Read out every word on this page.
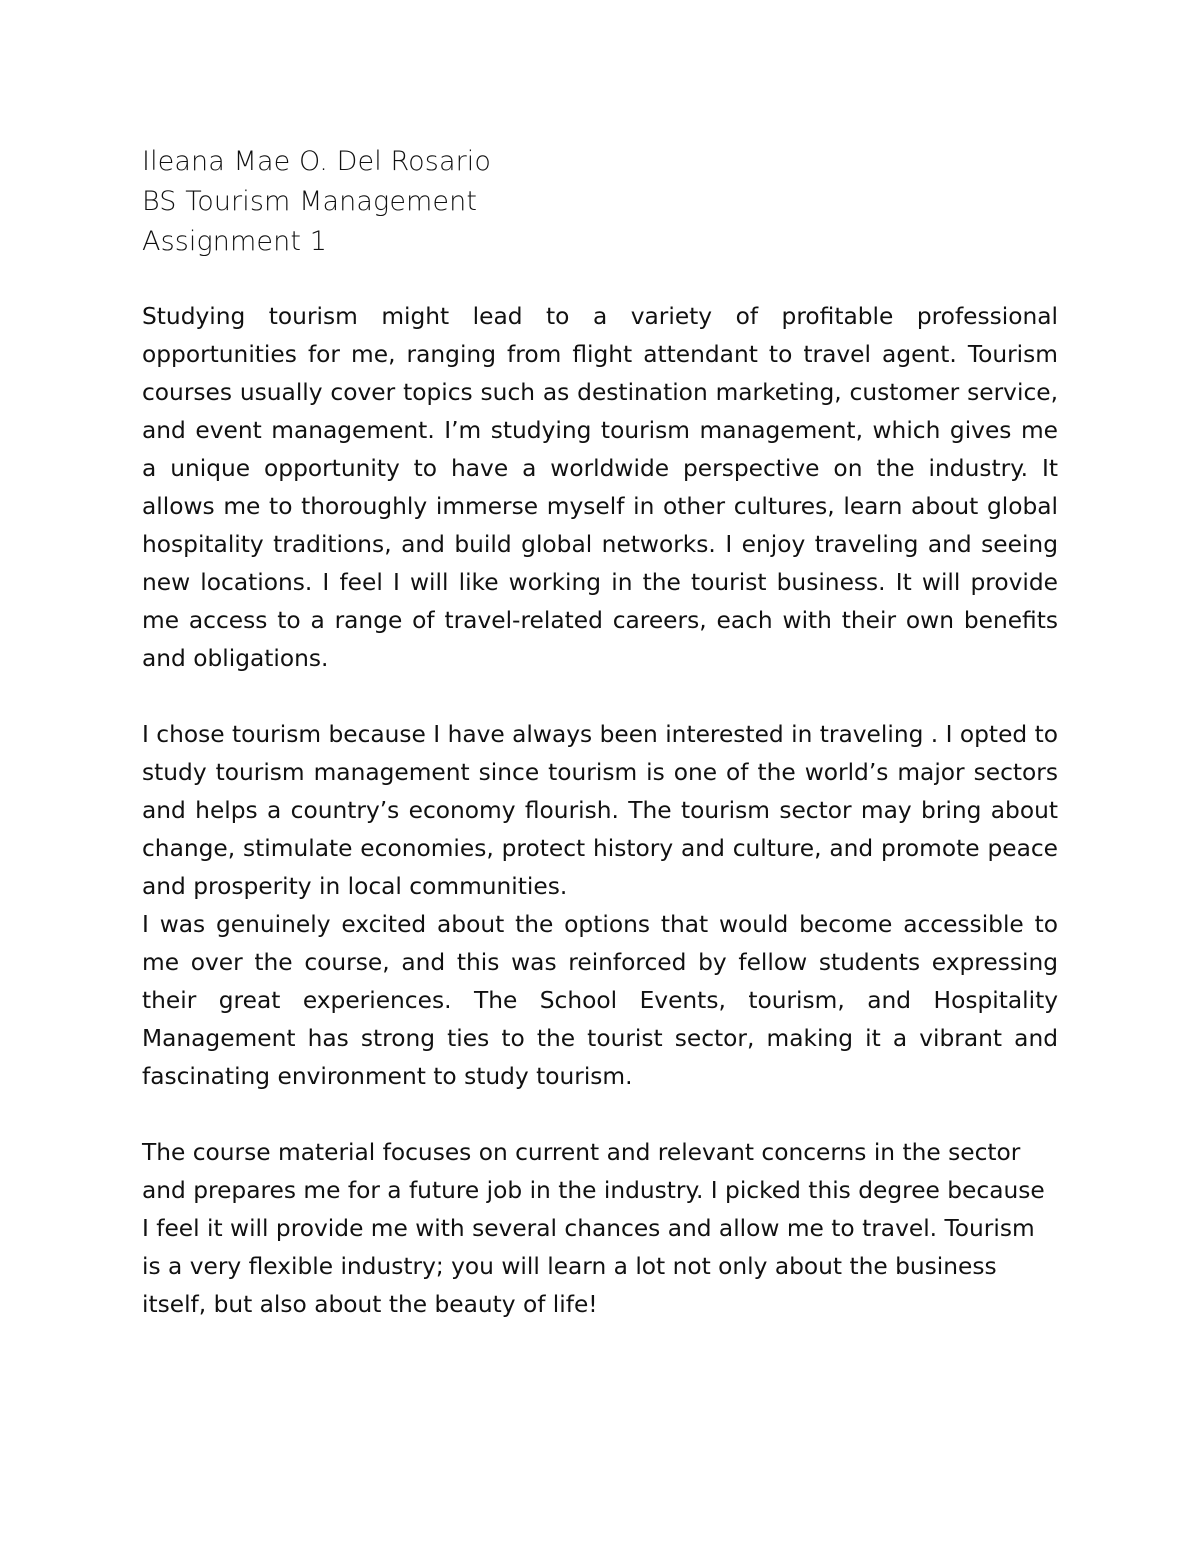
Ileana Mae O. Del Rosario
BS Tourism Management
Assignment 1

Studying tourism might lead to a variety of profitable professional opportunities for me, ranging from flight attendant to travel agent. Tourism courses usually cover topics such as destination marketing, customer service, and event management. I’m studying tourism management, which gives me a unique opportunity to have a worldwide perspective on the industry. It allows me to thoroughly immerse myself in other cultures, learn about global hospitality traditions, and build global networks. I enjoy traveling and seeing new locations. I feel I will like working in the tourist business. It will provide me access to a range of travel-related careers, each with their own benefits and obligations.

I chose tourism because I have always been interested in traveling . I opted to study tourism management since tourism is one of the world’s major sectors and helps a country’s economy flourish. The tourism sector may bring about change, stimulate economies, protect history and culture, and promote peace and prosperity in local communities.

I was genuinely excited about the options that would become accessible to me over the course, and this was reinforced by fellow students expressing their great experiences. The School Events, tourism, and Hospitality Management has strong ties to the tourist sector, making it a vibrant and fascinating environment to study tourism.

The course material focuses on current and relevant concerns in the sector and prepares me for a future job in the industry. I picked this degree because I feel it will provide me with several chances and allow me to travel. Tourism is a very flexible industry; you will learn a lot not only about the business itself, but also about the beauty of life!
